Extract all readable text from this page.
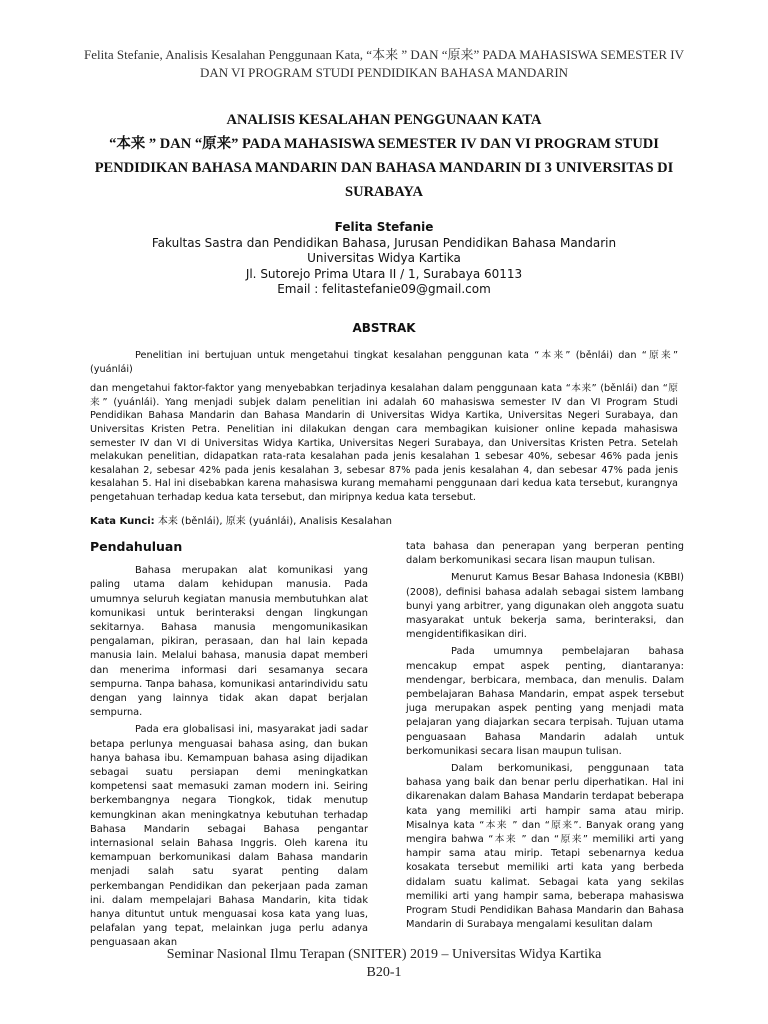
Felita Stefanie, Analisis Kesalahan Penggunaan Kata, “本来 ” DAN “原来” PADA MAHASISWA SEMESTER IV
DAN VI PROGRAM STUDI PENDIDIKAN BAHASA MANDARIN
ANALISIS KESALAHAN PENGGUNAAN KATA
“本来 ” DAN “原来” PADA MAHASISWA SEMESTER IV DAN VI PROGRAM STUDI
PENDIDIKAN BAHASA MANDARIN DAN BAHASA MANDARIN DI 3 UNIVERSITAS DI
SURABAYA
Felita Stefanie
Fakultas Sastra dan Pendidikan Bahasa, Jurusan Pendidikan Bahasa Mandarin
Universitas Widya Kartika
Jl. Sutorejo Prima Utara II / 1, Surabaya 60113
Email : felitastefanie09@gmail.com
ABSTRAK

Penelitian ini bertujuan untuk mengetahui tingkat kesalahan penggunan kata “本来” (běnlái) dan “原来” (yuánlái)

dan mengetahui faktor-faktor yang menyebabkan terjadinya kesalahan dalam penggunaan kata “本来” (běnlái) dan “原来” (yuánlái). Yang menjadi subjek dalam penelitian ini adalah 60 mahasiswa semester IV dan VI Program Studi Pendidikan Bahasa Mandarin dan Bahasa Mandarin di Universitas Widya Kartika, Universitas Negeri Surabaya, dan Universitas Kristen Petra. Penelitian ini dilakukan dengan cara membagikan kuisioner online kepada mahasiswa semester IV dan VI di Universitas Widya Kartika, Universitas Negeri Surabaya, dan Universitas Kristen Petra. Setelah melakukan penelitian, didapatkan rata-rata kesalahan pada jenis kesalahan 1 sebesar 40%, sebesar 46% pada jenis kesalahan 2, sebesar 42% pada jenis kesalahan 3, sebesar 87% pada jenis kesalahan 4, dan sebesar 47% pada jenis kesalahan 5. Hal ini disebabkan karena mahasiswa kurang memahami penggunaan dari kedua kata tersebut, kurangnya pengetahuan terhadap kedua kata tersebut, dan miripnya kedua kata tersebut.

Kata Kunci: 本来 (běnlái), 原来 (yuánlái), Analisis Kesalahan
Pendahuluan

Bahasa merupakan alat komunikasi yang paling utama dalam kehidupan manusia. Pada umumnya seluruh kegiatan manusia membutuhkan alat komunikasi untuk berinteraksi dengan lingkungan sekitarnya. Bahasa manusia mengomunikasikan pengalaman, pikiran, perasaan, dan hal lain kepada manusia lain. Melalui bahasa, manusia dapat memberi dan menerima informasi dari sesamanya secara sempurna. Tanpa bahasa, komunikasi antarindividu satu dengan yang lainnya tidak akan dapat berjalan sempurna.

Pada era globalisasi ini, masyarakat jadi sadar betapa perlunya menguasai bahasa asing, dan bukan hanya bahasa ibu. Kemampuan bahasa asing dijadikan sebagai suatu persiapan demi meningkatkan kompetensi saat memasuki zaman modern ini. Seiring berkembangnya negara Tiongkok, tidak menutup kemungkinan akan meningkatnya kebutuhan terhadap Bahasa Mandarin sebagai Bahasa pengantar internasional selain Bahasa Inggris. Oleh karena itu kemampuan berkomunikasi dalam Bahasa mandarin menjadi salah satu syarat penting dalam perkembangan Pendidikan dan pekerjaan pada zaman ini. dalam mempelajari Bahasa Mandarin, kita tidak hanya dituntut untuk menguasai kosa kata yang luas, pelafalan yang tepat, melainkan juga perlu adanya penguasaan akan

tata bahasa dan penerapan yang berperan penting dalam berkomunikasi secara lisan maupun tulisan.

Menurut Kamus Besar Bahasa Indonesia (KBBI) (2008), definisi bahasa adalah sebagai sistem lambang bunyi yang arbitrer, yang digunakan oleh anggota suatu masyarakat untuk bekerja sama, berinteraksi, dan mengidentifikasikan diri.

Pada umumnya pembelajaran bahasa mencakup empat aspek penting, diantaranya: mendengar, berbicara, membaca, dan menulis. Dalam pembelajaran Bahasa Mandarin, empat aspek tersebut juga merupakan aspek penting yang menjadi mata pelajaran yang diajarkan secara terpisah. Tujuan utama penguasaan Bahasa Mandarin adalah untuk berkomunikasi secara lisan maupun tulisan.

Dalam berkomunikasi, penggunaan tata bahasa yang baik dan benar perlu diperhatikan. Hal ini dikarenakan dalam Bahasa Mandarin terdapat beberapa kata yang memiliki arti hampir sama atau mirip. Misalnya kata “本来 ” dan “原来”. Banyak orang yang mengira bahwa “本来 ” dan “原来” memiliki arti yang hampir sama atau mirip. Tetapi sebenarnya kedua kosakata tersebut memiliki arti kata yang berbeda didalam suatu kalimat. Sebagai kata yang sekilas memiliki arti yang hampir sama, beberapa mahasiswa Program Studi Pendidikan Bahasa Mandarin dan Bahasa Mandarin di Surabaya mengalami kesulitan dalam

Seminar Nasional Ilmu Terapan (SNITER) 2019 – Universitas Widya Kartika
B20-1
